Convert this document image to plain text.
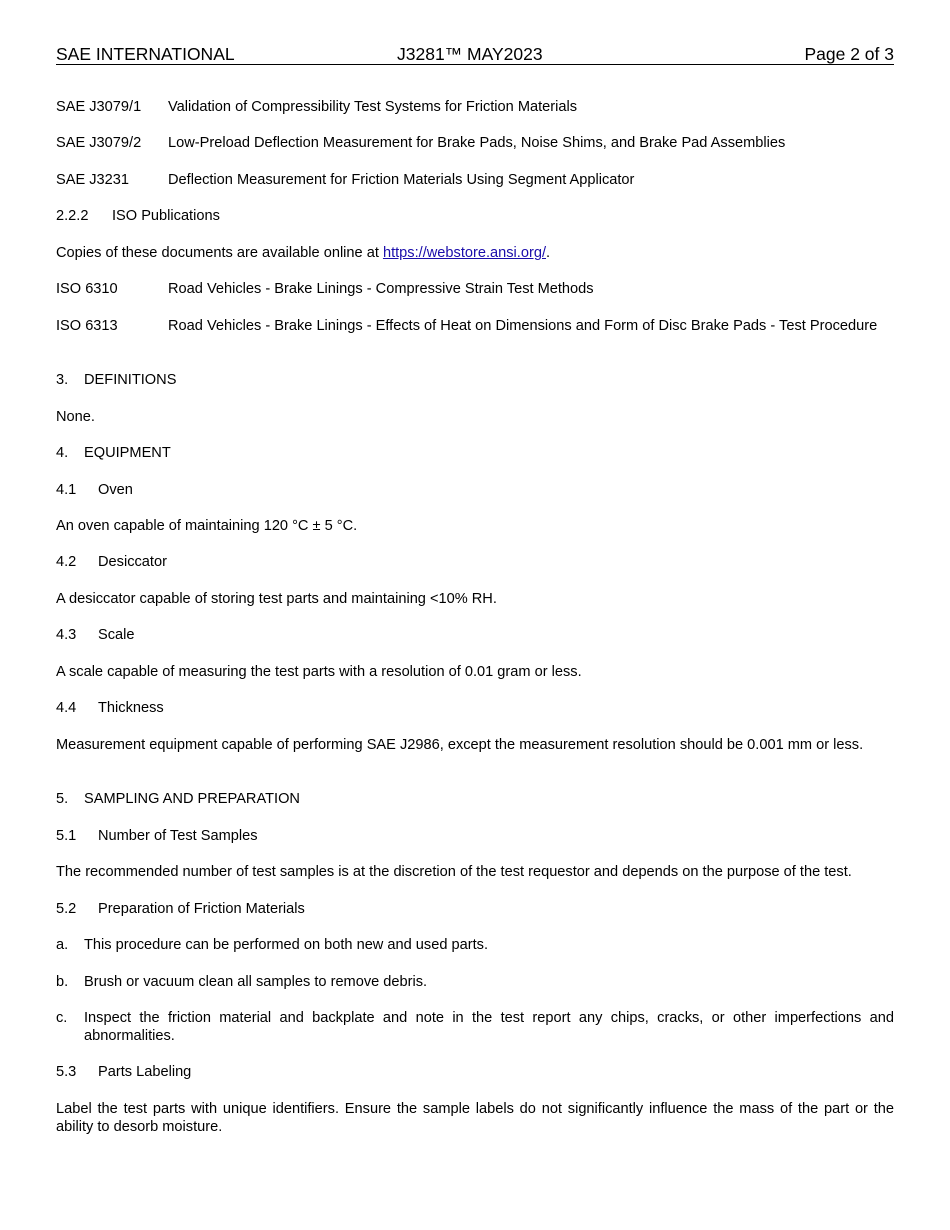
SAE INTERNATIONAL	J3281™ MAY2023	Page 2 of 3
SAE J3079/1	Validation of Compressibility Test Systems for Friction Materials
SAE J3079/2	Low-Preload Deflection Measurement for Brake Pads, Noise Shims, and Brake Pad Assemblies
SAE J3231	Deflection Measurement for Friction Materials Using Segment Applicator
2.2.2 ISO Publications
Copies of these documents are available online at https://webstore.ansi.org/.
ISO 6310	Road Vehicles - Brake Linings - Compressive Strain Test Methods
ISO 6313	Road Vehicles - Brake Linings - Effects of Heat on Dimensions and Form of Disc Brake Pads - Test Procedure
3. DEFINITIONS
None.
4. EQUIPMENT
4.1 Oven
An oven capable of maintaining 120 °C ± 5 °C.
4.2 Desiccator
A desiccator capable of storing test parts and maintaining <10% RH.
4.3 Scale
A scale capable of measuring the test parts with a resolution of 0.01 gram or less.
4.4 Thickness
Measurement equipment capable of performing SAE J2986, except the measurement resolution should be 0.001 mm or less.
5. SAMPLING AND PREPARATION
5.1 Number of Test Samples
The recommended number of test samples is at the discretion of the test requestor and depends on the purpose of the test.
5.2 Preparation of Friction Materials
a. This procedure can be performed on both new and used parts.
b. Brush or vacuum clean all samples to remove debris.
c. Inspect the friction material and backplate and note in the test report any chips, cracks, or other imperfections and abnormalities.
5.3 Parts Labeling
Label the test parts with unique identifiers. Ensure the sample labels do not significantly influence the mass of the part or the ability to desorb moisture.
